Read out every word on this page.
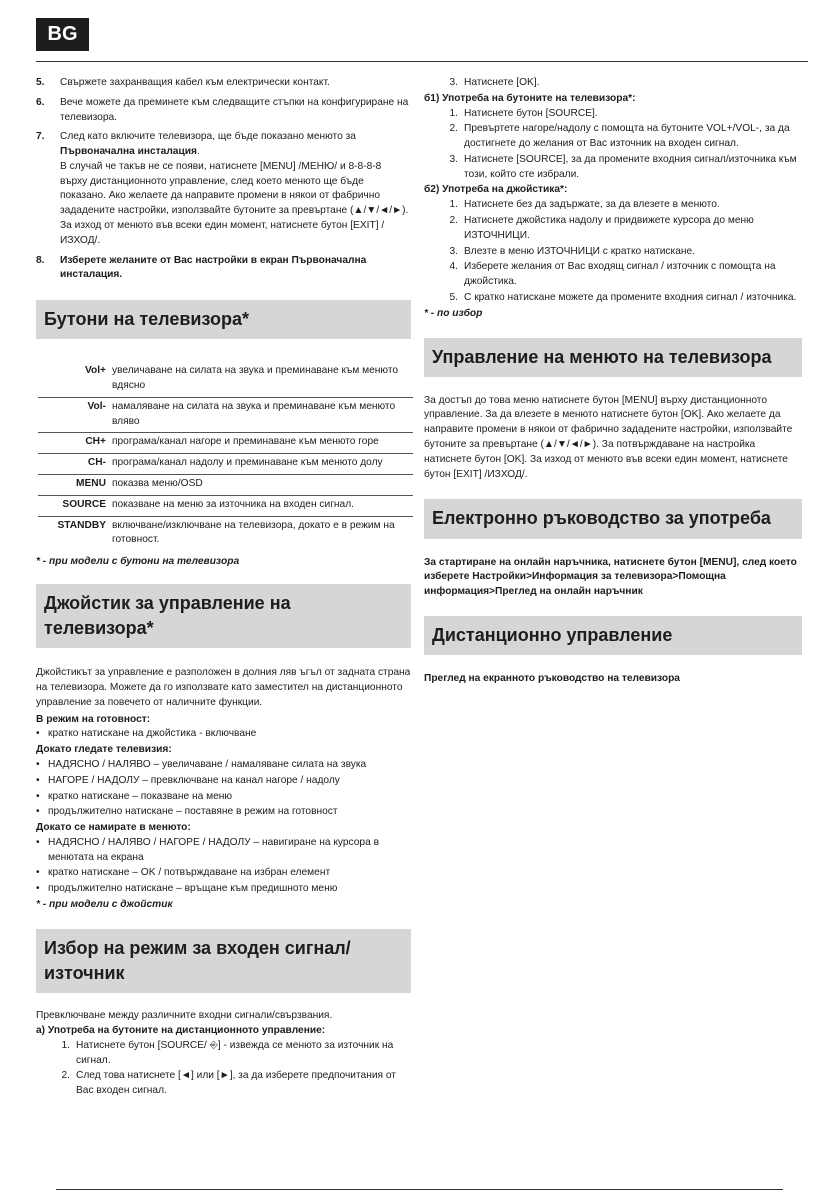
BG
5.	Свържете захранващия кабел към електрически контакт.
6.	Вече можете да преминете към следващите стъпки на конфигуриране на телевизора.
7.	След като включите телевизора, ще бъде показано менюто за Първоначална инсталация.
В случай че такъв не се появи, натиснете [MENU] /МЕНЮ/ и 8-8-8-8 върху дистанционното управление, след което менюто ще бъде показано. Ако желаете да направите промени в някои от фабрично зададените настройки, използвайте бутоните за превъртане (▲/▼/◄/►). За изход от менюто във всеки един момент, натиснете бутон [EXIT] /ИЗХОД/.
8.	Изберете желаните от Вас настройки в екран Първоначална инсталация.
Бутони на телевизора*
Vol+	увеличаване на силата на звука и преминаване към менюто вдясно
Vol-	намаляване на силата на звука и преминаване към менюто вляво
CH+	програма/канал нагоре и преминаване към менюто горе
CH-	програма/канал надолу и преминаване към менюто долу
MENU	показва меню/OSD
SOURCE	показване на меню за източника на входен сигнал.
STANDBY	включване/изключване на телевизора, докато е в режим на готовност.

* - при модели с бутони на телевизора

Джойстик за управление на телевизора*

Джойстикът за управление е разположен в долния ляв ъгъл от задната страна на телевизора. Можете да го използвате като заместител на дистанционното управление за повечето от наличните функции.

В режим на готовност:

• кратко натискане на джойстика - включване

Докато гледате телевизия:

• НАДЯСНО / НАЛЯВО – увеличаване / намаляване силата на звука
• НАГОРЕ / НАДОЛУ – превключване на канал нагоре / надолу
• кратко натискане – показване на меню
• продължително натискане – поставяне в режим на готовност

Докато се намирате в менюто:

• НАДЯСНО / НАЛЯВО / НАГОРЕ / НАДОЛУ – навигиране на курсора в менютата на екрана
• кратко натискане – OK / потвърждаване на избран елемент
• продължително натискане – връщане към предишното меню

* - при модели с джойстик

Избор на режим за входен сигнал/ източник

Превключване между различните входни сигнали/свързвания.

а) Употреба на бутоните на дистанционното управление:

1. Натиснете бутон [SOURCE/ ⎆] - извежда се менюто за източник на сигнал.
2. След това натиснете [◄] или [►], за да изберете предпочитания от Вас входен сигнал.
3. Натиснете [OK].

б1) Употреба на бутоните на телевизора*:

1. Натиснете бутон [SOURCE].
2. Превъртете нагоре/надолу с помощта на бутоните VOL+/VOL-, за да достигнете до желания от Вас източник на входен сигнал.
3. Натиснете [SOURCE], за да промените входния сигнал/източника към този, който сте избрали.

б2) Употреба на джойстика*:

1. Натиснете без да задържате, за да влезете в менюто.
2. Натиснете джойстика надолу и придвижете курсора до меню ИЗТОЧНИЦИ.
3. Влезте в меню ИЗТОЧНИЦИ с кратко натискане.
4. Изберете желания от Вас входящ сигнал / източник с помощта на джойстика.
5. С кратко натискане можете да промените входния сигнал / източника.

* - по избор

Управление на менюто на телевизора

За достъп до това меню натиснете бутон [MENU] върху дистанционното управление. За да влезете в менюто натиснете бутон [OK]. Ако желаете да направите промени в някои от фабрично зададените настройки, използвайте бутоните за превъртане (▲/▼/◄/►). За потвърждаване на настройка натиснете бутон [OK]. За изход от менюто във всеки един момент, натиснете бутон [EXIT] /ИЗХОД/.

Електронно ръководство за употреба

За стартиране на онлайн наръчника, натиснете бутон [MENU], след което изберете Настройки>Информация за телевизора>Помощна информация>Преглед на онлайн наръчник

Дистанционно управление

Преглед на екранното ръководство на телевизора
